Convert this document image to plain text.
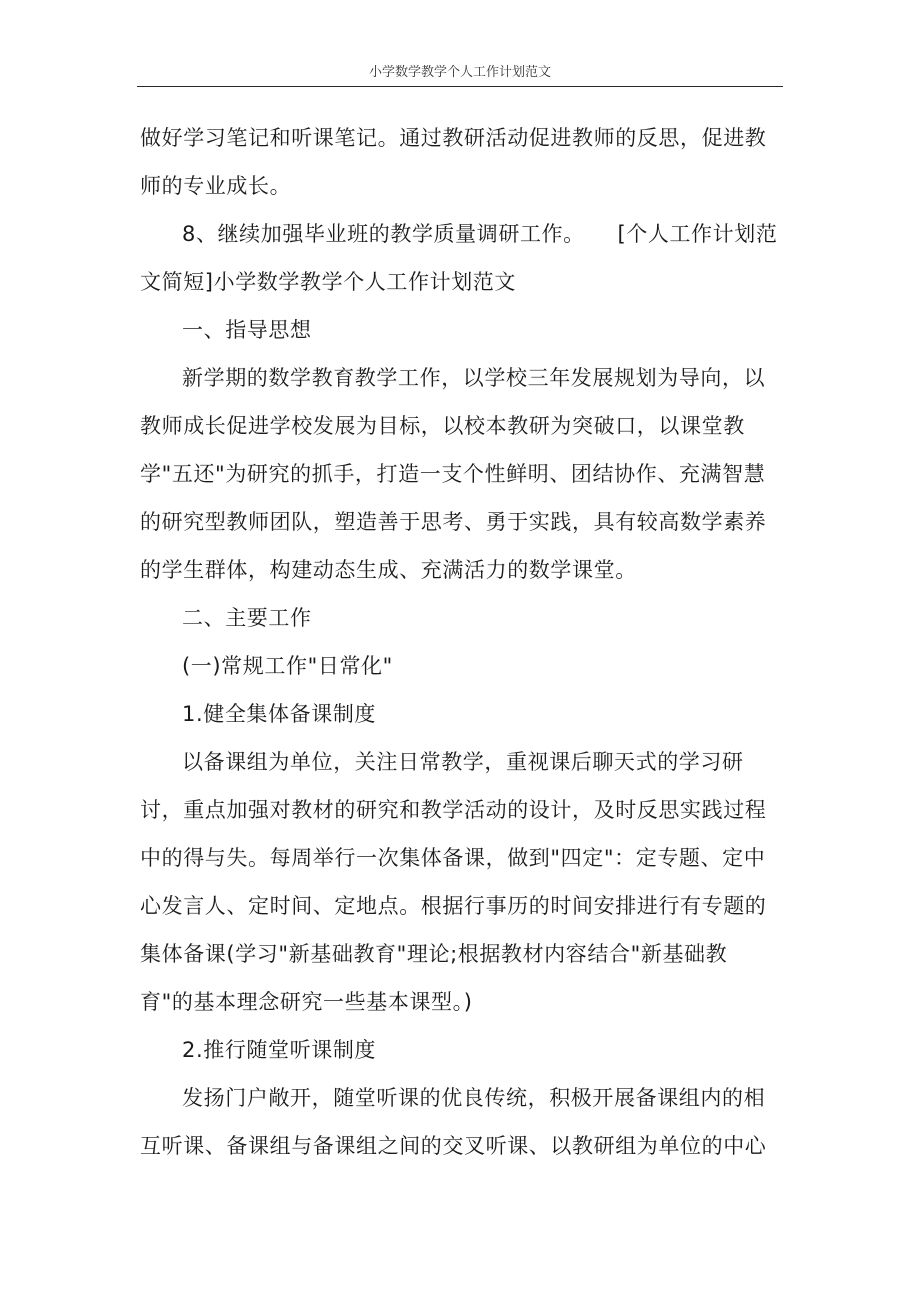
小学数学教学个人工作计划范文

做好学习笔记和听课笔记。通过教研活动促进教师的反思，促进教师的专业成长。

8、继续加强毕业班的教学质量调研工作。　　[个人工作计划范文简短]小学数学教学个人工作计划范文

一、指导思想

新学期的数学教育教学工作，以学校三年发展规划为导向，以教师成长促进学校发展为目标，以校本教研为突破口，以课堂教学"五还"为研究的抓手，打造一支个性鲜明、团结协作、充满智慧的研究型教师团队，塑造善于思考、勇于实践，具有较高数学素养的学生群体，构建动态生成、充满活力的数学课堂。

二、主要工作

(一)常规工作"日常化"

1.健全集体备课制度

以备课组为单位，关注日常教学，重视课后聊天式的学习研讨，重点加强对教材的研究和教学活动的设计，及时反思实践过程中的得与失。每周举行一次集体备课，做到"四定"：定专题、定中心发言人、定时间、定地点。根据行事历的时间安排进行有专题的集体备课(学习"新基础教育"理论;根据教材内容结合"新基础教育"的基本理念研究一些基本课型。)

2.推行随堂听课制度

发扬门户敞开，随堂听课的优良传统，积极开展备课组内的相互听课、备课组与备课组之间的交叉听课、以教研组为单位的中心
